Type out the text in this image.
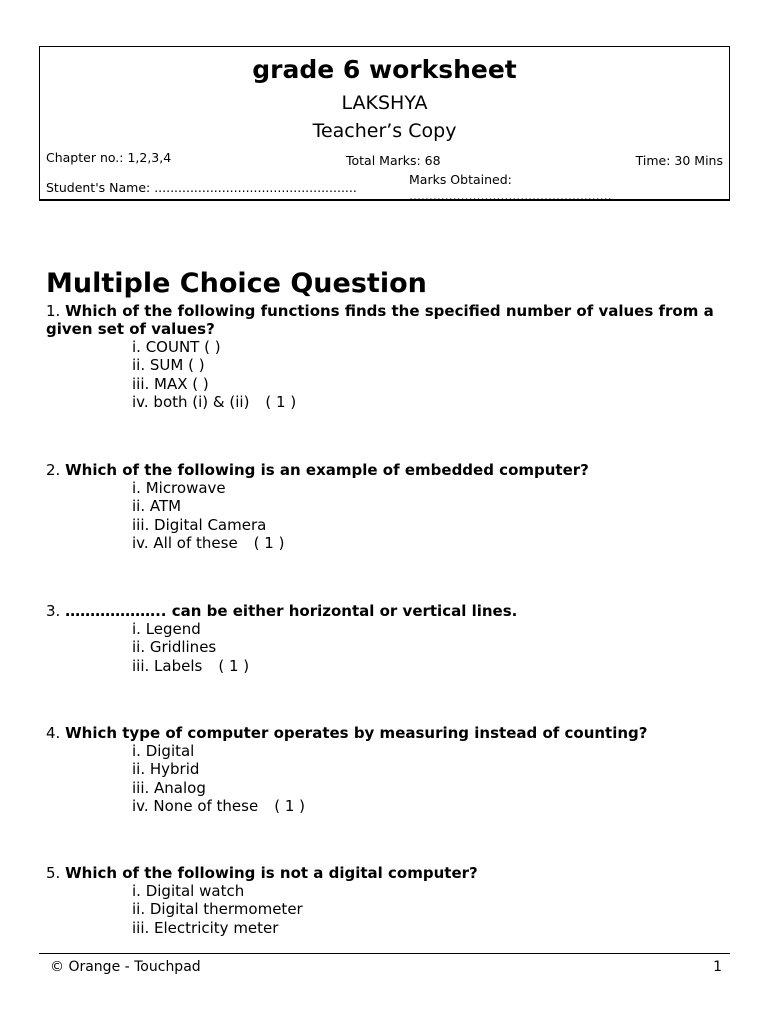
grade 6 worksheet
LAKSHYA
Teacher’s Copy
Chapter no.: 1,2,3,4	Total Marks: 68	Time: 30 Mins
Student's Name: ...................................................
Marks Obtained:
...................................................
Multiple Choice Question
1. Which of the following functions finds the specified number of values from a given set of values?
i. COUNT ( )
ii. SUM ( )
iii. MAX ( )
iv. both (i) & (ii) ( 1 )
2. Which of the following is an example of embedded computer?
i. Microwave
ii. ATM
iii. Digital Camera
iv. All of these ( 1 )
3. ……………….. can be either horizontal or vertical lines.
i. Legend
ii. Gridlines
iii. Labels ( 1 )
4. Which type of computer operates by measuring instead of counting?
i. Digital
ii. Hybrid
iii. Analog
iv. None of these ( 1 )
5. Which of the following is not a digital computer?
i. Digital watch
ii. Digital thermometer
iii. Electricity meter
© Orange - Touchpad	1
